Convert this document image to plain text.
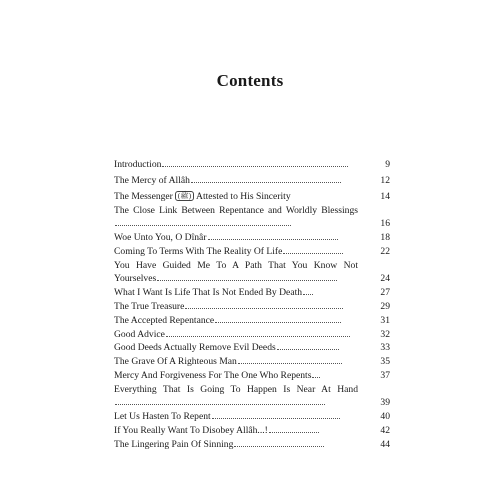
Contents
Introduction	9
The Mercy of Allâh	12
The Messenger (ﷺ) Attested to His Sincerity	14
The Close Link Between Repentance and Worldly Blessings
16
Woe Unto You, O Dînâr	18
Coming To Terms With The Reality Of Life	22
You Have Guided Me To A Path That You Know Not Yourselves	24
What I Want Is Life That Is Not Ended By Death	27
The True Treasure	29
The Accepted Repentance	31
Good Advice	32
Good Deeds Actually Remove Evil Deeds	33
The Grave Of A Righteous Man	35
Mercy And Forgiveness For The One Who Repents	37
Everything That Is Going To Happen Is Near At Hand
39
Let Us Hasten To Repent	40
If You Really Want To Disobey Allâh...!	42
The Lingering Pain Of Sinning	44
